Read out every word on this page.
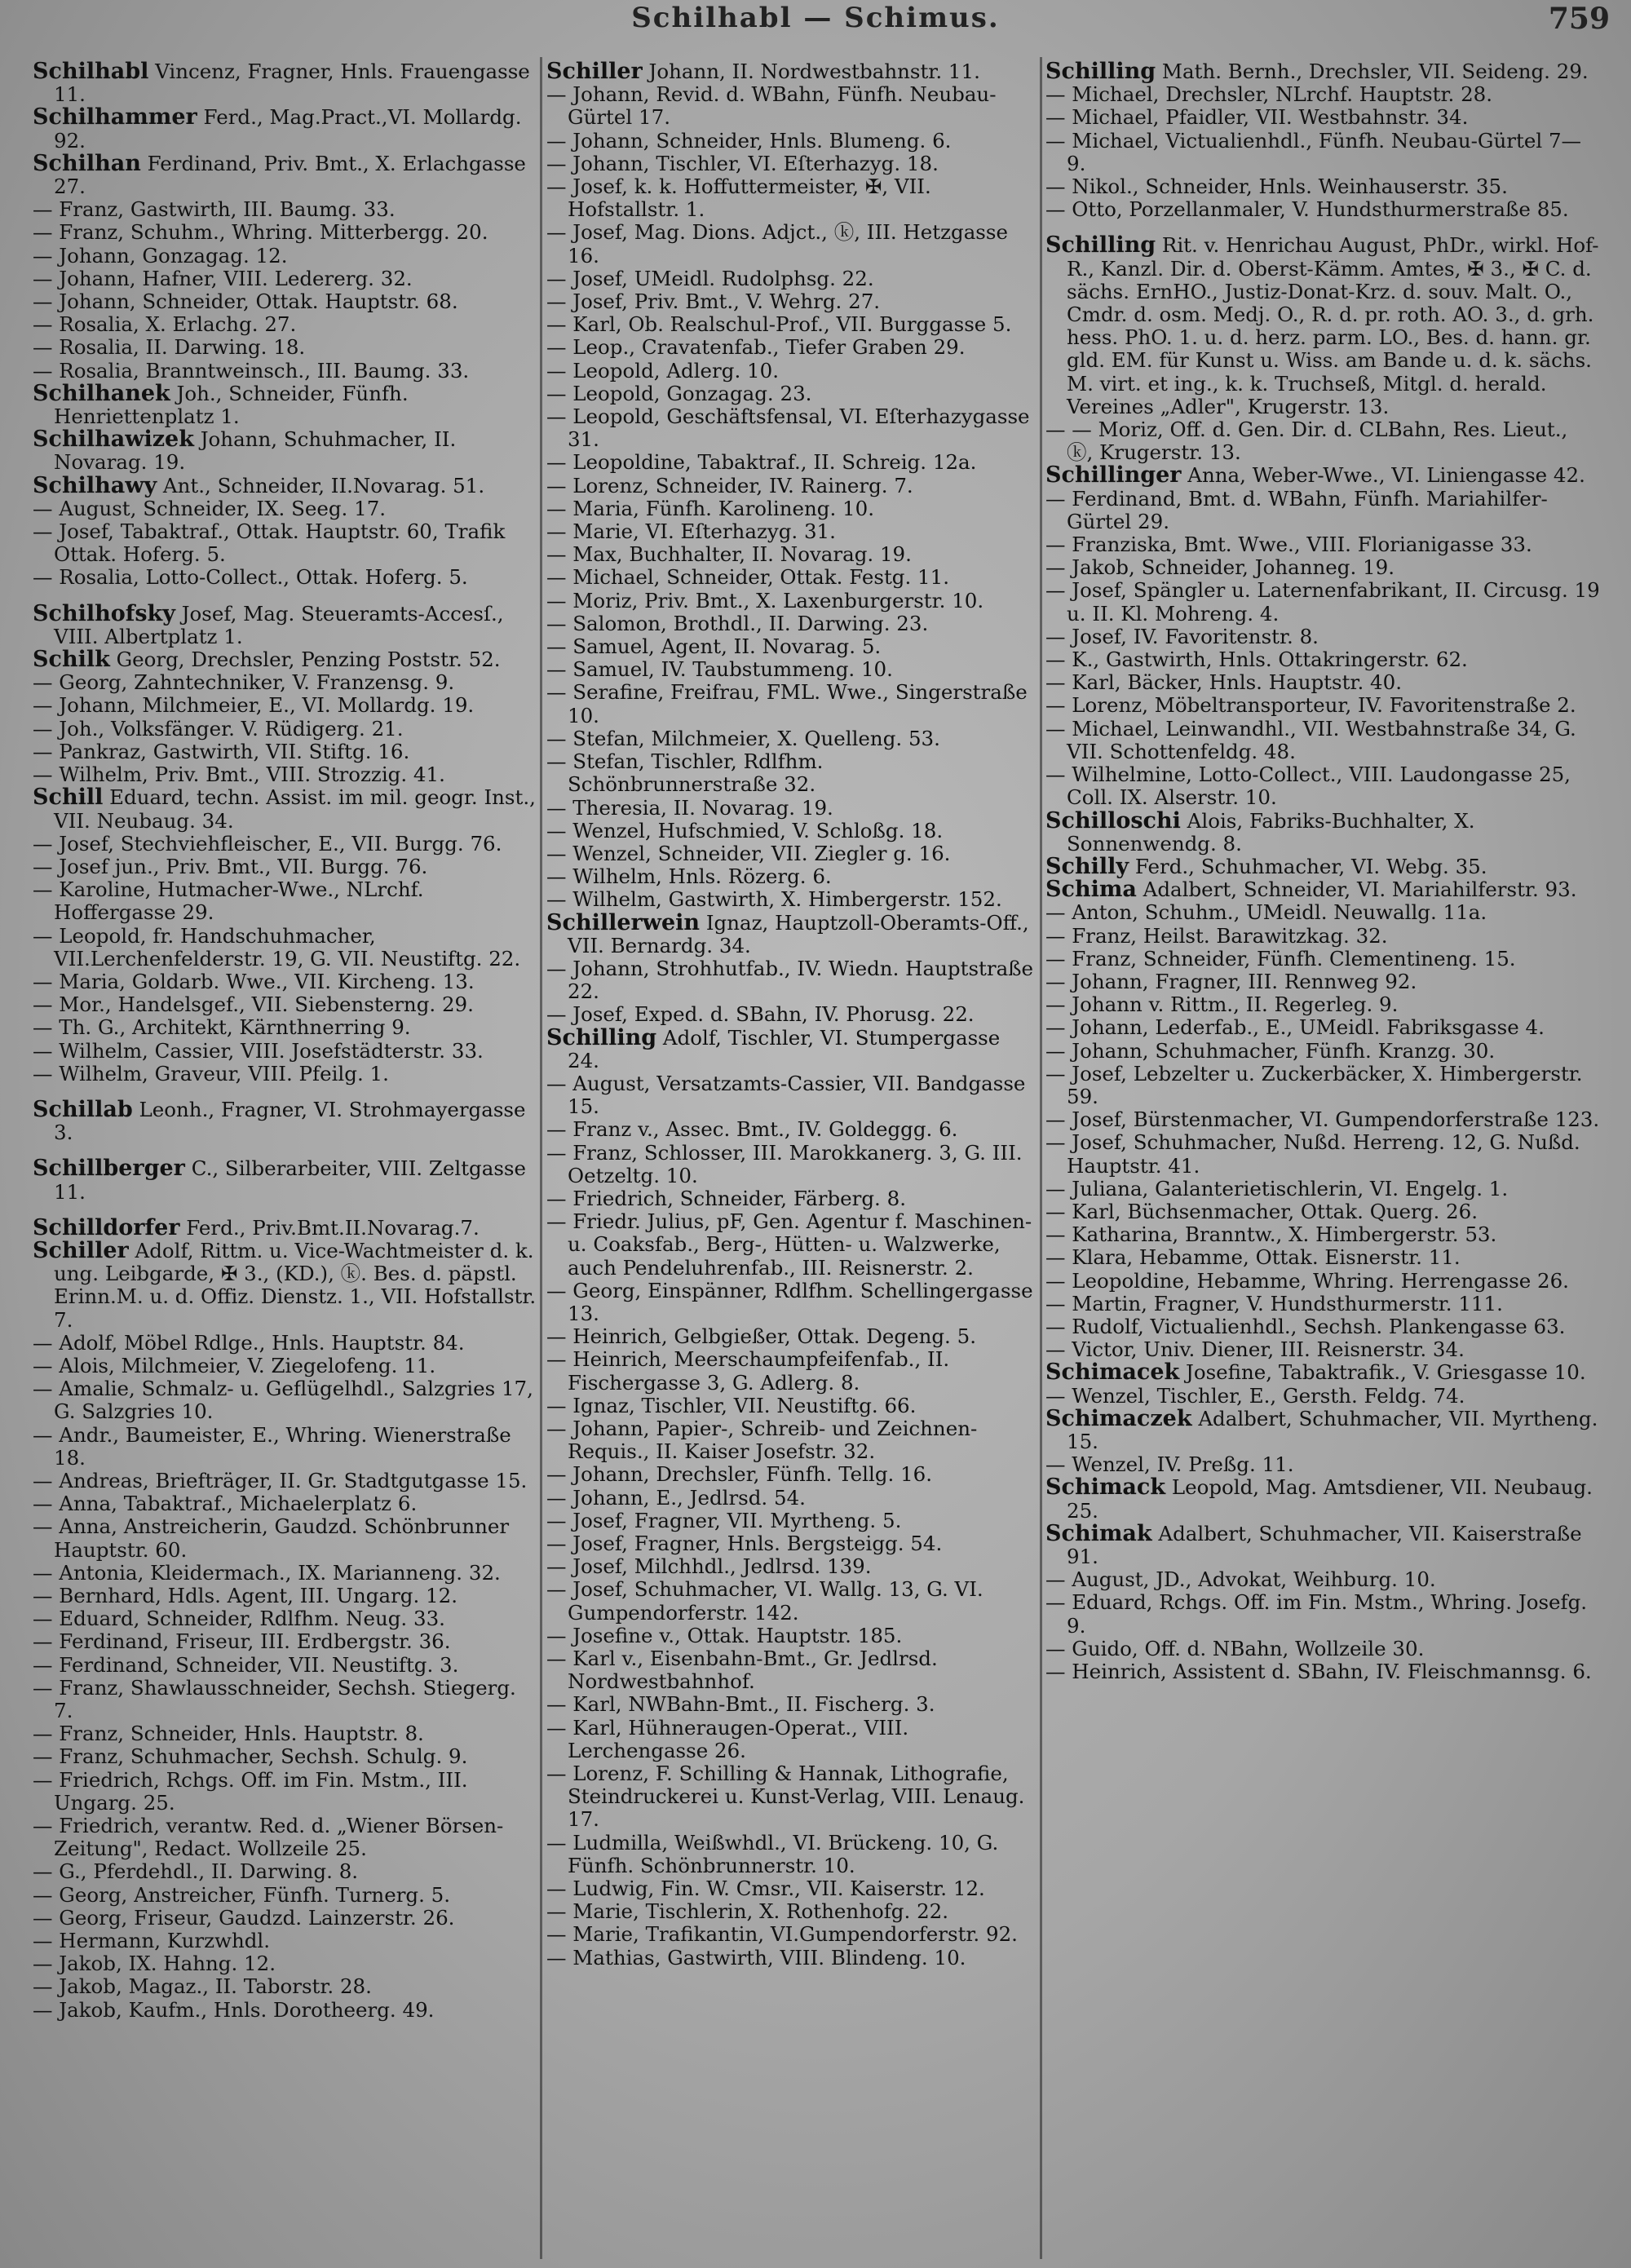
Schilhabl — Schimus.	759

Schilhabl Vincenz, Fragner, Hnls. Frauengasse 11.

Schilhammer Ferd., Mag.Pract.,VI. Mollardg. 92.

Schilhan Ferdinand, Priv. Bmt., X. Erlachgasse 27.

— Franz, Gastwirth, III. Baumg. 33.

— Franz, Schuhm., Whring. Mitterbergg. 20.

— Johann, Gonzagag. 12.

— Johann, Hafner, VIII. Ledererg. 32.

— Johann, Schneider, Ottak. Hauptstr. 68.

— Rosalia, X. Erlachg. 27.

— Rosalia, II. Darwing. 18.

— Rosalia, Branntweinsch., III. Baumg. 33.

Schilhanek Joh., Schneider, Fünfh. Henriettenplatz 1.

Schilhawizek Johann, Schuhmacher, II. Novarag. 19.

Schilhawy Ant., Schneider, II.Novarag. 51.

— August, Schneider, IX. Seeg. 17.

— Josef, Tabaktraf., Ottak. Hauptstr. 60, Trafik Ottak. Hoferg. 5.

— Rosalia, Lotto-Collect., Ottak. Hoferg. 5.

Schilhofsky Josef, Mag. Steueramts-Accesſ., VIII. Albertplatz 1.

Schilk Georg, Drechsler, Penzing Poststr. 52.

— Georg, Zahntechniker, V. Franzensg. 9.

— Johann, Milchmeier, E., VI. Mollardg. 19.

— Joh., Volksfänger. V. Rüdigerg. 21.

— Pankraz, Gastwirth, VII. Stiftg. 16.

— Wilhelm, Priv. Bmt., VIII. Strozzig. 41.

Schill Eduard, techn. Assist. im mil. geogr. Inst., VII. Neubaug. 34.

— Josef, Stechviehfleischer, E., VII. Burgg. 76.

— Josef jun., Priv. Bmt., VII. Burgg. 76.

— Karoline, Hutmacher-Wwe., NLrchf. Hoffergasse 29.

— Leopold, fr. Handschuhmacher, VII.Lerchenfelderstr. 19, G. VII. Neustiftg. 22.

— Maria, Goldarb. Wwe., VII. Kircheng. 13.

— Mor., Handelsgef., VII. Siebensterng. 29.

— Th. G., Architekt, Kärnthnerring 9.

— Wilhelm, Cassier, VIII. Josefstädterstr. 33.

— Wilhelm, Graveur, VIII. Pfeilg. 1.

Schillab Leonh., Fragner, VI. Strohmayergasse 3.

Schillberger C., Silberarbeiter, VIII. Zeltgasse 11.

Schilldorfer Ferd., Priv.Bmt.II.Novarag.7.

Schiller Adolf, Rittm. u. Vice-Wachtmeister d. k. ung. Leibgarde, ✠ 3., (KD.), ⓚ. Bes. d. päpstl. Erinn.M. u. d. Offiz. Dienstz. 1., VII. Hofstallstr. 7.

— Adolf, Möbel Rdlge., Hnls. Hauptstr. 84.

— Alois, Milchmeier, V. Ziegelofeng. 11.

— Amalie, Schmalz- u. Geflügelhdl., Salzgries 17, G. Salzgries 10.

— Andr., Baumeister, E., Whring. Wienerstraße 18.

— Andreas, Briefträger, II. Gr. Stadtgutgasse 15.

— Anna, Tabaktraf., Michaelerplatz 6.

— Anna, Anstreicherin, Gaudzd. Schönbrunner Hauptstr. 60.

— Antonia, Kleidermach., IX. Marianneng. 32.

— Bernhard, Hdls. Agent, III. Ungarg. 12.

— Eduard, Schneider, Rdlfhm. Neug. 33.

— Ferdinand, Friseur, III. Erdbergstr. 36.

— Ferdinand, Schneider, VII. Neustiftg. 3.

— Franz, Shawlausschneider, Sechsh. Stiegerg. 7.

— Franz, Schneider, Hnls. Hauptstr. 8.

— Franz, Schuhmacher, Sechsh. Schulg. 9.

— Friedrich, Rchgs. Off. im Fin. Mstm., III. Ungarg. 25.

— Friedrich, verantw. Red. d. „Wiener Börsen-Zeitung", Redact. Wollzeile 25.

— G., Pferdehdl., II. Darwing. 8.

— Georg, Anstreicher, Fünfh. Turnerg. 5.

— Georg, Friseur, Gaudzd. Lainzerstr. 26.

— Hermann, Kurzwhdl.

— Jakob, IX. Hahng. 12.

— Jakob, Magaz., II. Taborstr. 28.

— Jakob, Kaufm., Hnls. Dorotheerg. 49.

Schiller Johann, II. Nordwestbahnstr. 11.

— Johann, Revid. d. WBahn, Fünfh. Neubau-Gürtel 17.

— Johann, Schneider, Hnls. Blumeng. 6.

— Johann, Tischler, VI. Eſterhazyg. 18.

— Josef, k. k. Hoffuttermeister, ✠, VII. Hofstallstr. 1.

— Josef, Mag. Dions. Adjct., ⓚ, III. Hetzgasse 16.

— Josef, UMeidl. Rudolphsg. 22.

— Josef, Priv. Bmt., V. Wehrg. 27.

— Karl, Ob. Realschul-Prof., VII. Burggasse 5.

— Leop., Cravatenfab., Tiefer Graben 29.

— Leopold, Adlerg. 10.

— Leopold, Gonzagag. 23.

— Leopold, Geschäftsfensal, VI. Eſterhazygasse 31.

— Leopoldine, Tabaktraf., II. Schreig. 12a.

— Lorenz, Schneider, IV. Rainerg. 7.

— Maria, Fünfh. Karolineng. 10.

— Marie, VI. Eſterhazyg. 31.

— Max, Buchhalter, II. Novarag. 19.

— Michael, Schneider, Ottak. Festg. 11.

— Moriz, Priv. Bmt., X. Laxenburgerstr. 10.

— Salomon, Brothdl., II. Darwing. 23.

— Samuel, Agent, II. Novarag. 5.

— Samuel, IV. Taubstummeng. 10.

— Serafine, Freifrau, FML. Wwe., Singerstraße 10.

— Stefan, Milchmeier, X. Quelleng. 53.

— Stefan, Tischler, Rdlfhm. Schönbrunnerstraße 32.

— Theresia, II. Novarag. 19.

— Wenzel, Hufschmied, V. Schloßg. 18.

— Wenzel, Schneider, VII. Ziegler g. 16.

— Wilhelm, Hnls. Rözerg. 6.

— Wilhelm, Gastwirth, X. Himbergerstr. 152.

Schillerwein Ignaz, Hauptzoll-Oberamts-Off., VII. Bernardg. 34.

— Johann, Strohhutfab., IV. Wiedn. Hauptstraße 22.

— Josef, Exped. d. SBahn, IV. Phorusg. 22.

Schilling Adolf, Tischler, VI. Stumpergasse 24.

— August, Versatzamts-Cassier, VII. Bandgasse 15.

— Franz v., Assec. Bmt., IV. Goldeggg. 6.

— Franz, Schlosser, III. Marokkanerg. 3, G. III. Oetzeltg. 10.

— Friedrich, Schneider, Färberg. 8.

— Friedr. Julius, pF, Gen. Agentur f. Maschinen- u. Coaksfab., Berg-, Hütten- u. Walzwerke, auch Pendeluhrenfab., III. Reisnerstr. 2.

— Georg, Einspänner, Rdlfhm. Schellingergasse 13.

— Heinrich, Gelbgießer, Ottak. Degeng. 5.

— Heinrich, Meerschaumpfeifenfab., II. Fischergasse 3, G. Adlerg. 8.

— Ignaz, Tischler, VII. Neustiftg. 66.

— Johann, Papier-, Schreib- und Zeichnen-Requis., II. Kaiser Josefstr. 32.

— Johann, Drechsler, Fünfh. Tellg. 16.

— Johann, E., Jedlrsd. 54.

— Josef, Fragner, VII. Myrtheng. 5.

— Josef, Fragner, Hnls. Bergsteigg. 54.

— Josef, Milchhdl., Jedlrsd. 139.

— Josef, Schuhmacher, VI. Wallg. 13, G. VI. Gumpendorferstr. 142.

— Josefine v., Ottak. Hauptstr. 185.

— Karl v., Eisenbahn-Bmt., Gr. Jedlrsd. Nordwestbahnhof.

— Karl, NWBahn-Bmt., II. Fischerg. 3.

— Karl, Hühneraugen-Operat., VIII. Lerchengasse 26.

— Lorenz, F. Schilling & Hannak, Lithografie, Steindruckerei u. Kunst-Verlag, VIII. Lenaug. 17.

— Ludmilla, Weißwhdl., VI. Brückeng. 10, G. Fünfh. Schönbrunnerstr. 10.

— Ludwig, Fin. W. Cmsr., VII. Kaiserstr. 12.

— Marie, Tischlerin, X. Rothenhofg. 22.

— Marie, Trafikantin, VI.Gumpendorferstr. 92.

— Mathias, Gastwirth, VIII. Blindeng. 10.

Schilling Math. Bernh., Drechsler, VII. Seideng. 29.

— Michael, Drechsler, NLrchf. Hauptstr. 28.

— Michael, Pfaidler, VII. Westbahnstr. 34.

— Michael, Victualienhdl., Fünfh. Neubau-Gürtel 7—9.

— Nikol., Schneider, Hnls. Weinhauserstr. 35.

— Otto, Porzellanmaler, V. Hundsthurmerstraße 85.

Schilling Rit. v. Henrichau August, PhDr., wirkl. Hof-R., Kanzl. Dir. d. Oberst-Kämm. Amtes, ✠ 3., ✠ C. d. sächs. ErnHO., Justiz-Donat-Krz. d. souv. Malt. O., Cmdr. d. osm. Medj. O., R. d. pr. roth. AO. 3., d. grh. hess. PhO. 1. u. d. herz. parm. LO., Bes. d. hann. gr. gld. EM. für Kunst u. Wiss. am Bande u. d. k. sächs. M. virt. et ing., k. k. Truchseß, Mitgl. d. herald. Vereines „Adler", Krugerstr. 13.

— — Moriz, Off. d. Gen. Dir. d. CLBahn, Res. Lieut., ⓚ, Krugerstr. 13.

Schillinger Anna, Weber-Wwe., VI. Liniengasse 42.

— Ferdinand, Bmt. d. WBahn, Fünfh. Mariahilfer-Gürtel 29.

— Franziska, Bmt. Wwe., VIII. Florianigasse 33.

— Jakob, Schneider, Johanneg. 19.

— Josef, Spängler u. Laternenfabrikant, II. Circusg. 19 u. II. Kl. Mohreng. 4.

— Josef, IV. Favoritenstr. 8.

— K., Gastwirth, Hnls. Ottakringerstr. 62.

— Karl, Bäcker, Hnls. Hauptstr. 40.

— Lorenz, Möbeltransporteur, IV. Favoritenstraße 2.

— Michael, Leinwandhl., VII. Westbahnstraße 34, G. VII. Schottenfeldg. 48.

— Wilhelmine, Lotto-Collect., VIII. Laudongasse 25, Coll. IX. Alserstr. 10.

Schilloschi Alois, Fabriks-Buchhalter, X. Sonnenwendg. 8.

Schilly Ferd., Schuhmacher, VI. Webg. 35.

Schima Adalbert, Schneider, VI. Mariahilferstr. 93.

— Anton, Schuhm., UMeidl. Neuwallg. 11a.

— Franz, Heilst. Barawitzkag. 32.

— Franz, Schneider, Fünfh. Clementineng. 15.

— Johann, Fragner, III. Rennweg 92.

— Johann v. Rittm., II. Regerleg. 9.

— Johann, Lederfab., E., UMeidl. Fabriksgasse 4.

— Johann, Schuhmacher, Fünfh. Kranzg. 30.

— Josef, Lebzelter u. Zuckerbäcker, X. Himbergerstr. 59.

— Josef, Bürstenmacher, VI. Gumpendorferstraße 123.

— Josef, Schuhmacher, Nußd. Herreng. 12, G. Nußd. Hauptstr. 41.

— Juliana, Galanterietischlerin, VI. Engelg. 1.

— Karl, Büchsenmacher, Ottak. Querg. 26.

— Katharina, Branntw., X. Himbergerstr. 53.

— Klara, Hebamme, Ottak. Eisnerstr. 11.

— Leopoldine, Hebamme, Whring. Herrengasse 26.

— Martin, Fragner, V. Hundsthurmerstr. 111.

— Rudolf, Victualienhdl., Sechsh. Plankengasse 63.

— Victor, Univ. Diener, III. Reisnerstr. 34.

Schimacek Josefine, Tabaktrafik., V. Griesgasse 10.

— Wenzel, Tischler, E., Gersth. Feldg. 74.

Schimaczek Adalbert, Schuhmacher, VII. Myrtheng. 15.

— Wenzel, IV. Preßg. 11.

Schimack Leopold, Mag. Amtsdiener, VII. Neubaug. 25.

Schimak Adalbert, Schuhmacher, VII. Kaiserstraße 91.

— August, JD., Advokat, Weihburg. 10.

— Eduard, Rchgs. Off. im Fin. Mstm., Whring. Josefg. 9.

— Guido, Off. d. NBahn, Wollzeile 30.

— Heinrich, Assistent d. SBahn, IV. Fleischmannsg. 6.
